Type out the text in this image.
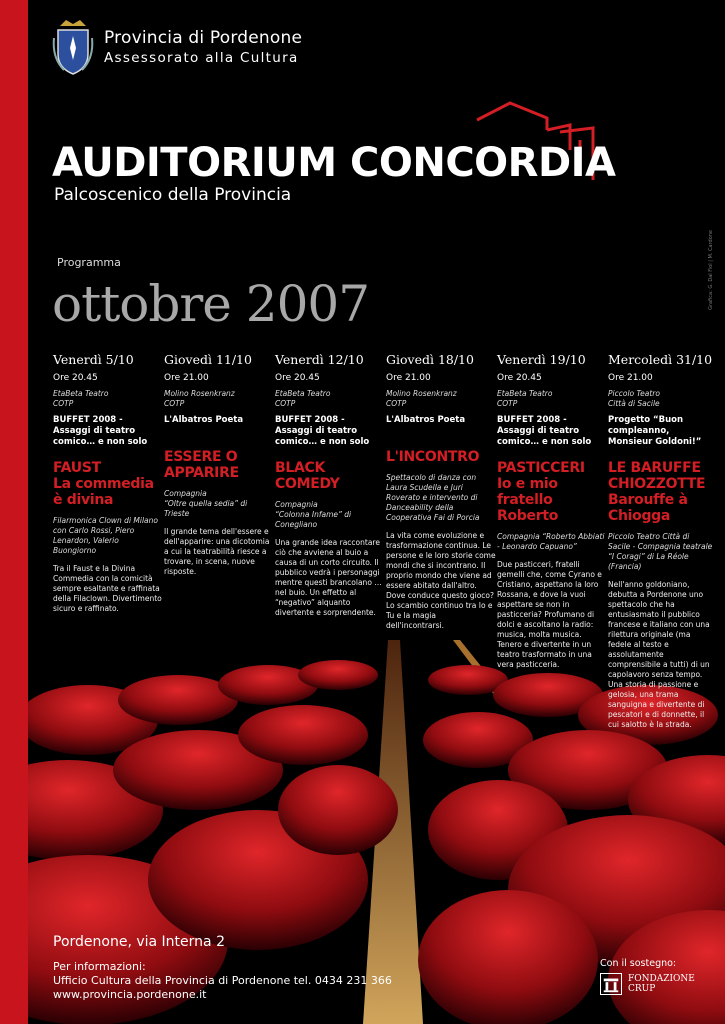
Provincia di Pordenone
Assessorato alla Cultura
AUDITORIUM CONCORDIA
Palcoscenico della Provincia
Grafica: G. Dal Fiol | M. Cardone
Programma
ottobre 2007
Venerdì 5/10
Ore 20.45
EtaBeta Teatro
COTP
BUFFET 2008 - Assaggi di teatro comico… e non solo
FAUST
La commedia è divina
Filarmonica Clown di Milano con Carlo Rossi, Piero Lenardon, Valerio Buongiorno
Tra il Faust e la Divina Commedia con la comicità sempre esaltante e raffinata della Filaclown. Divertimento sicuro e raffinato.
Giovedì 11/10
Ore 21.00
Molino Rosenkranz
COTP
L'Albatros Poeta
ESSERE O APPARIRE
Compagnia
“Oltre quella sedia” di Trieste
Il grande tema dell'essere e dell'apparire: una dicotomia a cui la teatrabilità riesce a trovare, in scena, nuove risposte.
Venerdì 12/10
Ore 20.45
EtaBeta Teatro
COTP
BUFFET 2008 - Assaggi di teatro comico… e non solo
BLACK COMEDY
Compagnia
“Colonna Infame” di Conegliano
Una grande idea raccontare ciò che avviene al buio a causa di un corto circuito. Il pubblico vedrà i personaggi mentre questi brancolano …nel buio. Un effetto al “negativo” alquanto divertente e sorprendente.
Giovedì 18/10
Ore 21.00
Molino Rosenkranz
COTP
L'Albatros Poeta
L'INCONTRO
Spettacolo di danza con Laura Scudella e Juri Roverato e intervento di Danceability della Cooperativa Fai di Porcia
La vita come evoluzione e trasformazione continua. Le persone e le loro storie come mondi che si incontrano. Il proprio mondo che viene ad essere abitato dall'altro. Dove conduce questo gioco? Lo scambio continuo tra Io e Tu e la magia dell'incontrarsi.
Venerdì 19/10
Ore 20.45
EtaBeta Teatro
COTP
BUFFET 2008 - Assaggi di teatro comico… e non solo
PASTICCERI
Io e mio fratello Roberto
Compagnia “Roberto Abbiati - Leonardo Capuano”
Due pasticceri, fratelli gemelli che, come Cyrano e Cristiano, aspettano la loro Rossana, e dove la vuoi aspettare se non in pasticceria? Profumano di dolci e ascoltano la radio: musica, molta musica. Tenero e divertente in un teatro trasformato in una vera pasticceria.
Mercoledì 31/10
Ore 21.00
Piccolo Teatro
Città di Sacile
Progetto “Buon compleanno, Monsieur Goldoni!”
LE BARUFFE CHIOZZOTTE
Barouffe à Chiogga
Piccolo Teatro Città di Sacile - Compagnia teatrale “I Coragi” di La Réole (Francia)
Nell'anno goldoniano, debutta a Pordenone uno spettacolo che ha entusiasmato il pubblico francese e italiano con una rilettura originale (ma fedele al testo e assolutamente comprensibile a tutti) di un capolavoro senza tempo. Una storia di passione e gelosia, una trama sanguigna e divertente di pescatori e di donnette, il cui salotto è la strada.
Pordenone, via Interna 2
Per informazioni:
Ufficio Cultura della Provincia di Pordenone tel. 0434 231 366
www.provincia.pordenone.it
Con il sostegno:
FONDAZIONE
CRUP
